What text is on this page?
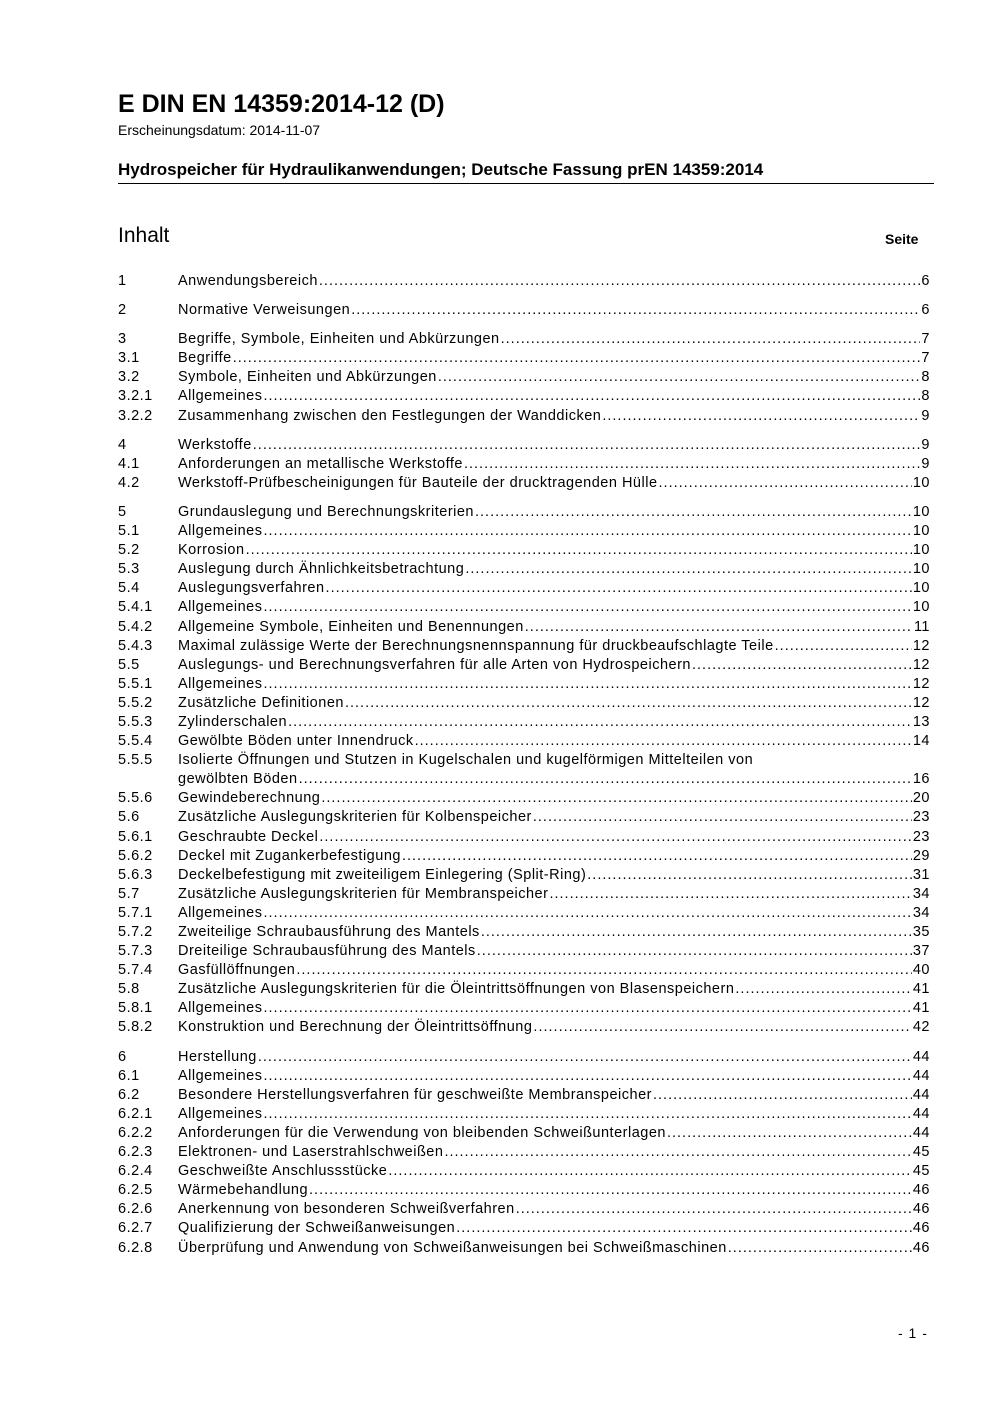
E DIN EN 14359:2014-12 (D)
Erscheinungsdatum: 2014-11-07
Hydrospeicher für Hydraulikanwendungen; Deutsche Fassung prEN 14359:2014
Inhalt	Seite
1	Anwendungsbereich .....	6
2	Normative Verweisungen .....	6
3	Begriffe, Symbole, Einheiten und Abkürzungen .....	7
3.1	Begriffe .....	7
3.2	Symbole, Einheiten und Abkürzungen .....	8
3.2.1	Allgemeines .....	8
3.2.2	Zusammenhang zwischen den Festlegungen der Wanddicken .....	9
4	Werkstoffe .....	9
4.1	Anforderungen an metallische Werkstoffe .....	9
4.2	Werkstoff-Prüfbescheinigungen für Bauteile der drucktragenden Hülle .....	10
5	Grundauslegung und Berechnungskriterien .....	10
5.1	Allgemeines .....	10
5.2	Korrosion .....	10
5.3	Auslegung durch Ähnlichkeitsbetrachtung .....	10
5.4	Auslegungsverfahren .....	10
5.4.1	Allgemeines .....	10
5.4.2	Allgemeine Symbole, Einheiten und Benennungen .....	11
5.4.3	Maximal zulässige Werte der Berechnungsnennspannung für druckbeaufschlagte Teile .....	12
5.5	Auslegungs- und Berechnungsverfahren für alle Arten von Hydrospeichern .....	12
5.5.1	Allgemeines .....	12
5.5.2	Zusätzliche Definitionen .....	12
5.5.3	Zylinderschalen .....	13
5.5.4	Gewölbte Böden unter Innendruck .....	14
5.5.5	Isolierte Öffnungen und Stutzen in Kugelschalen und kugelförmigen Mittelteilen von
gewölbten Böden .....	16
5.5.6	Gewindeberechnung .....	20
5.6	Zusätzliche Auslegungskriterien für Kolbenspeicher .....	23
5.6.1	Geschraubte Deckel .....	23
5.6.2	Deckel mit Zugankerbefestigung .....	29
5.6.3	Deckelbefestigung mit zweiteiligem Einlegering (Split-Ring) .....	31
5.7	Zusätzliche Auslegungskriterien für Membranspeicher .....	34
5.7.1	Allgemeines .....	34
5.7.2	Zweiteilige Schraubausführung des Mantels .....	35
5.7.3	Dreiteilige Schraubausführung des Mantels .....	37
5.7.4	Gasfüllöffnungen .....	40
5.8	Zusätzliche Auslegungskriterien für die Öleintrittsöffnungen von Blasenspeichern .....	41
5.8.1	Allgemeines .....	41
5.8.2	Konstruktion und Berechnung der Öleintrittsöffnung .....	42
6	Herstellung .....	44
6.1	Allgemeines .....	44
6.2	Besondere Herstellungsverfahren für geschweißte Membranspeicher .....	44
6.2.1	Allgemeines .....	44
6.2.2	Anforderungen für die Verwendung von bleibenden Schweißunterlagen .....	44
6.2.3	Elektronen- und Laserstrahlschweißen .....	45
6.2.4	Geschweißte Anschlussstücke .....	45
6.2.5	Wärmebehandlung .....	46
6.2.6	Anerkennung von besonderen Schweißverfahren .....	46
6.2.7	Qualifizierung der Schweißanweisungen .....	46
6.2.8	Überprüfung und Anwendung von Schweißanweisungen bei Schweißmaschinen .....	46
- 1 -
